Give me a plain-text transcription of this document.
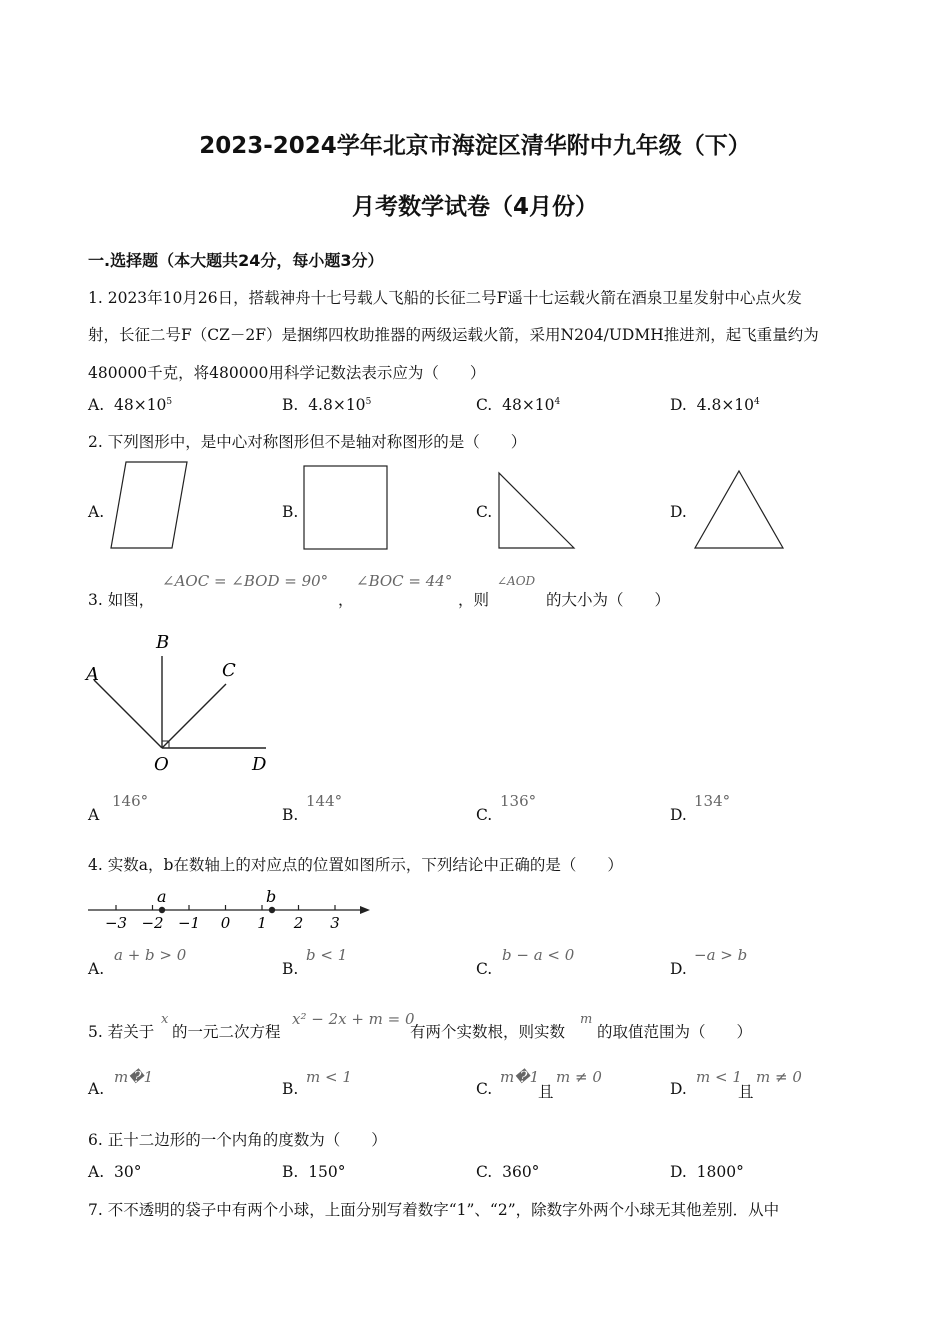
2023-2024学年北京市海淀区清华附中九年级（下）
月考数学试卷（4月份）
一.选择题（本大题共24分，每小题3分）
1. 2023年10月26日，搭载神舟十七号载人飞船的长征二号F遥十七运载火箭在酒泉卫星发射中心点火发
射，长征二号F（CZ－2F）是捆绑四枚助推器的两级运载火箭，采用N204/UDMH推进剂，起飞重量约为
480000千克，将480000用科学记数法表示应为（　　）
A. $48\times 10^5$	B. $4.8\times 10^5$	C. $48\times 10^4$	D. $4.8\times 10^4$
2. 下列图形中，是中心对称图形但不是轴对称图形的是（　　）
A.	B.	C.	D.
3. 如图，
∠AOC = ∠BOD = 90°
，
∠BOC = 44°
，则
∠AOD
的大小为（　　）
A
B
C
O	D
A
146°
B.
144°
C.
136°
D.
134°
4. 实数a，b在数轴上的对应点的位置如图所示，下列结论中正确的是（　　）
−3 −2 −1 0 1 2 3
a	b
A.
a + b > 0
B.
b < 1
C.
b − a < 0
D.
−a > b
5. 若关于
x
的一元二次方程
x² − 2x + m = 0
有两个实数根，则实数
m
的取值范围为（　　）
A.
m�1
B.
m < 1
C.
m�1
且
m ≠ 0
D.
m < 1
且
m ≠ 0
6. 正十二边形的一个内角的度数为（　　）
A. 30°	B. 150°	C. 360°	D. 1800°
7. 不不透明的袋子中有两个小球，上面分别写着数字“1”、“2”，除数字外两个小球无其他差别．从中
